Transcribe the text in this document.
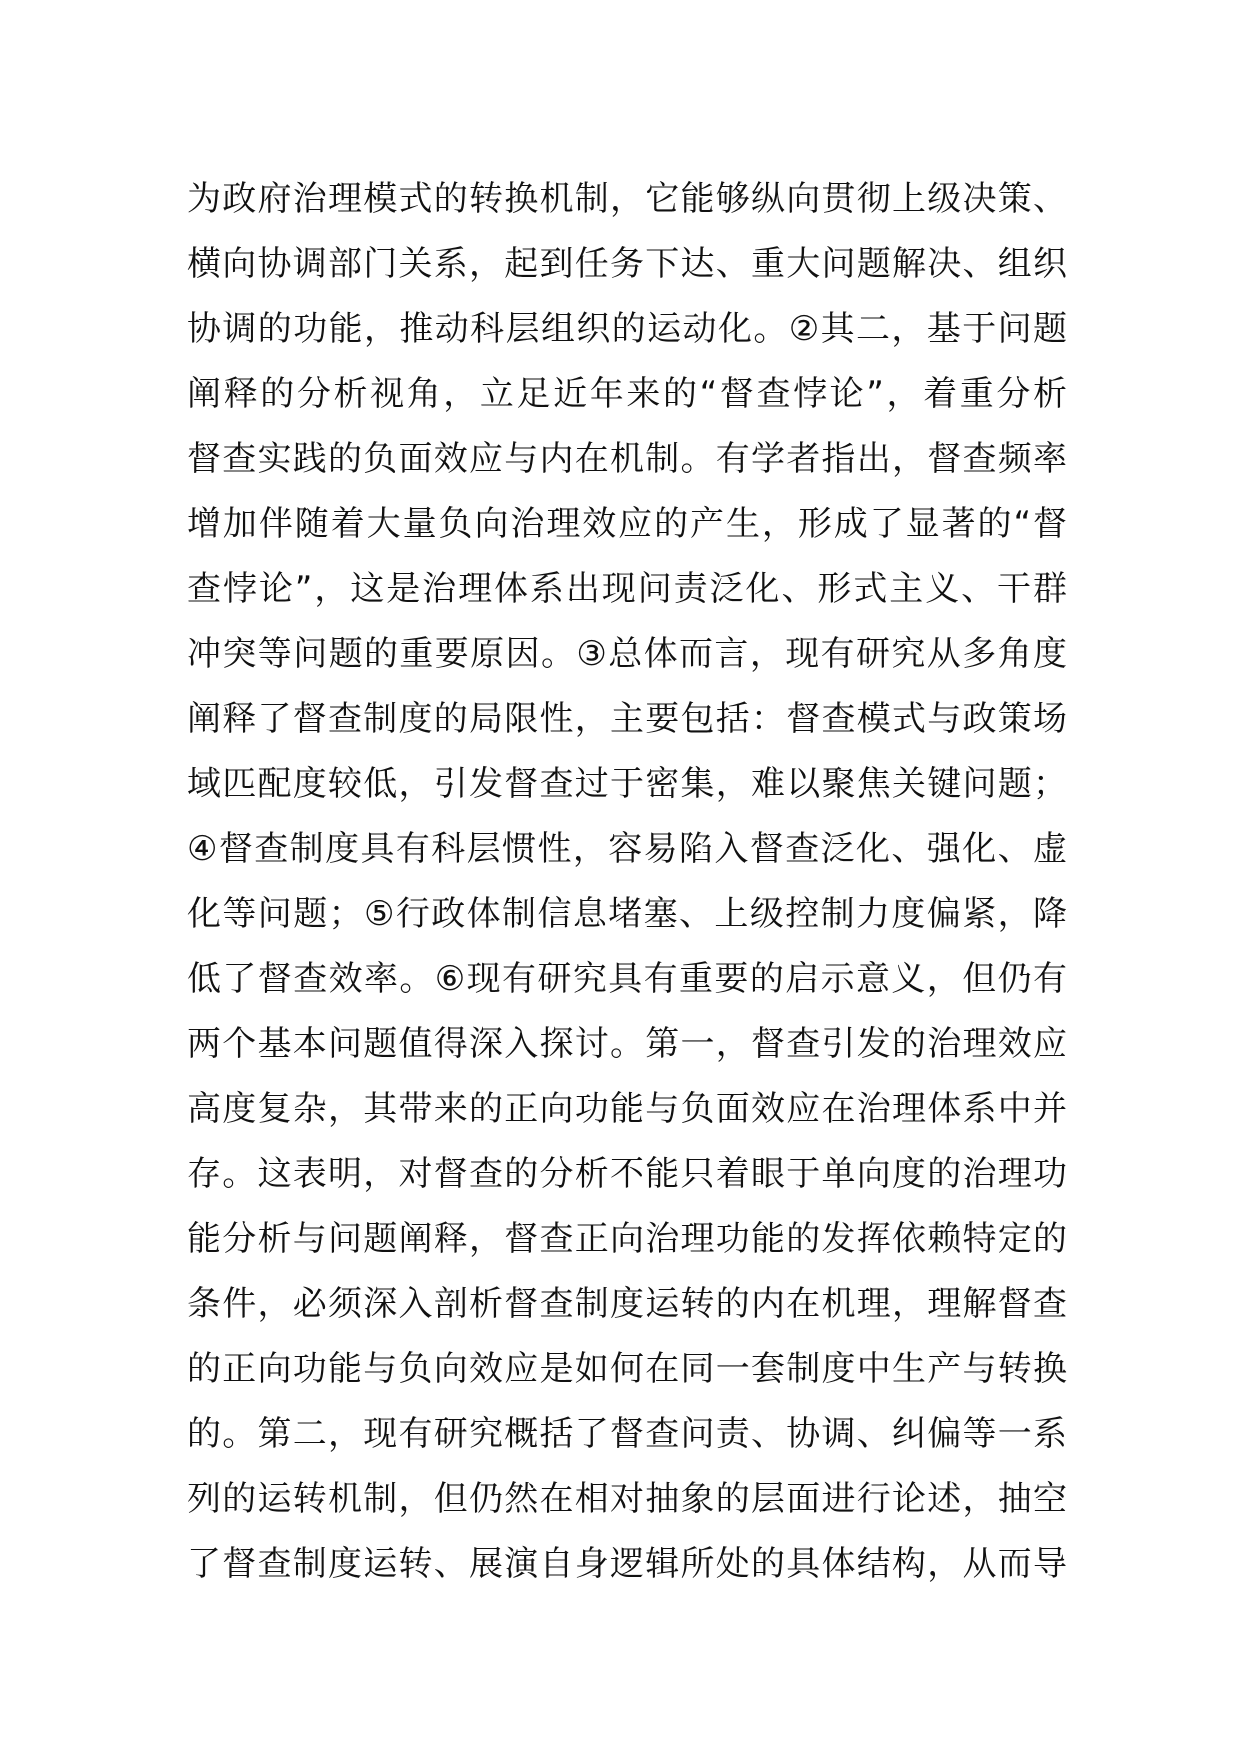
为政府治理模式的转换机制，它能够纵向贯彻上级决策、
横向协调部门关系，起到任务下达、重大问题解决、组织
协调的功能，推动科层组织的运动化。②其二，基于问题
阐释的分析视角，立足近年来的“督查悖论”，着重分析
督查实践的负面效应与内在机制。有学者指出，督查频率
增加伴随着大量负向治理效应的产生，形成了显著的“督
查悖论”，这是治理体系出现问责泛化、形式主义、干群
冲突等问题的重要原因。③总体而言，现有研究从多角度
阐释了督查制度的局限性，主要包括：督查模式与政策场
域匹配度较低，引发督查过于密集，难以聚焦关键问题；
④督查制度具有科层惯性，容易陷入督查泛化、强化、虚
化等问题；⑤行政体制信息堵塞、上级控制力度偏紧，降
低了督查效率。⑥现有研究具有重要的启示意义，但仍有
两个基本问题值得深入探讨。第一，督查引发的治理效应
高度复杂，其带来的正向功能与负面效应在治理体系中并
存。这表明，对督查的分析不能只着眼于单向度的治理功
能分析与问题阐释，督查正向治理功能的发挥依赖特定的
条件，必须深入剖析督查制度运转的内在机理，理解督查
的正向功能与负向效应是如何在同一套制度中生产与转换
的。第二，现有研究概括了督查问责、协调、纠偏等一系
列的运转机制，但仍然在相对抽象的层面进行论述，抽空
了督查制度运转、展演自身逻辑所处的具体结构，从而导
